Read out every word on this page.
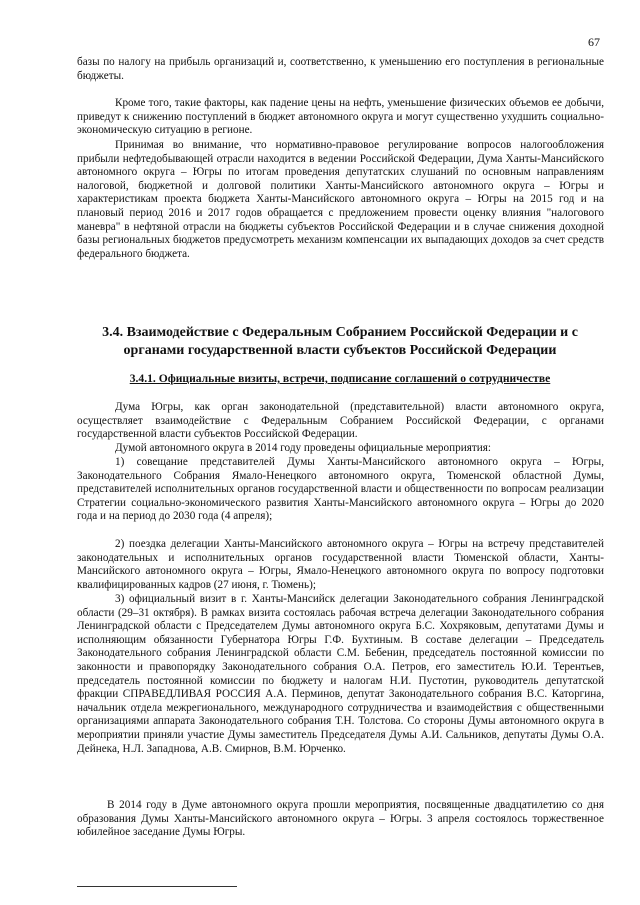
67

базы по налогу на прибыль организаций и, соответственно, к уменьшению его поступления в региональные бюджеты.

Кроме того, такие факторы, как падение цены на нефть, уменьшение физических объемов ее добычи, приведут к снижению поступлений в бюджет автономного округа и могут существенно ухудшить социально-экономическую ситуацию в регионе.

Принимая во внимание, что нормативно-правовое регулирование вопросов налогообложения прибыли нефтедобывающей отрасли находится в ведении Российской Федерации, Дума Ханты-Мансийского автономного округа – Югры по итогам проведения депутатских слушаний по основным направлениям налоговой, бюджетной и долговой политики Ханты-Мансийского автономного округа – Югры и характеристикам проекта бюджета Ханты-Мансийского автономного округа – Югры на 2015 год и на плановый период 2016 и 2017 годов обращается с предложением провести оценку влияния "налогового маневра" в нефтяной отрасли на бюджеты субъектов Российской Федерации и в случае снижения доходной базы региональных бюджетов предусмотреть механизм компенсации их выпадающих доходов за счет средств федерального бюджета.

3.4. Взаимодействие с Федеральным Собранием Российской Федерации и с органами государственной власти субъектов Российской Федерации
3.4.1. Официальные визиты, встречи, подписание соглашений о сотрудничестве

Дума Югры, как орган законодательной (представительной) власти автономного округа, осуществляет взаимодействие с Федеральным Собранием Российской Федерации, с органами государственной власти субъектов Российской Федерации.

Думой автономного округа в 2014 году проведены официальные мероприятия:

1) совещание представителей Думы Ханты-Мансийского автономного округа – Югры, Законодательного Собрания Ямало-Ненецкого автономного округа, Тюменской областной Думы, представителей исполнительных органов государственной власти и общественности по вопросам реализации Стратегии социально-экономического развития Ханты-Мансийского автономного округа – Югры до 2020 года и на период до 2030 года (4 апреля);

2) поездка делегации Ханты-Мансийского автономного округа – Югры на встречу представителей законодательных и исполнительных органов государственной власти Тюменской области, Ханты-Мансийского автономного округа – Югры, Ямало-Ненецкого автономного округа по вопросу подготовки квалифицированных кадров (27 июня, г. Тюмень);

3) официальный визит в г. Ханты-Мансийск делегации Законодательного собрания Ленинградской области (29–31 октября). В рамках визита состоялась рабочая встреча делегации Законодательного собрания Ленинградской области с Председателем Думы автономного округа Б.С. Хохряковым, депутатами Думы и исполняющим обязанности Губернатора Югры Г.Ф. Бухтиным. В составе делегации – Председатель Законодательного собрания Ленинградской области С.М. Бебенин, председатель постоянной комиссии по законности и правопорядку Законодательного собрания О.А. Петров, его заместитель Ю.И. Терентьев, председатель постоянной комиссии по бюджету и налогам Н.И. Пустотин, руководитель депутатской фракции СПРАВЕДЛИВАЯ РОССИЯ А.А. Перминов, депутат Законодательного собрания В.С. Каторгина, начальник отдела межрегионального, международного сотрудничества и взаимодействия с общественными организациями аппарата Законодательного собрания Т.Н. Толстова. Со стороны Думы автономного округа в мероприятии приняли участие Думы заместитель Председателя Думы А.И. Сальников, депутаты Думы О.А. Дейнека, Н.Л. Западнова, А.В. Смирнов, В.М. Юрченко.

В 2014 году в Думе автономного округа прошли мероприятия, посвященные двадцатилетию со дня образования Думы Ханты-Мансийского автономного округа – Югры. 3 апреля состоялось торжественное юбилейное заседание Думы Югры.
